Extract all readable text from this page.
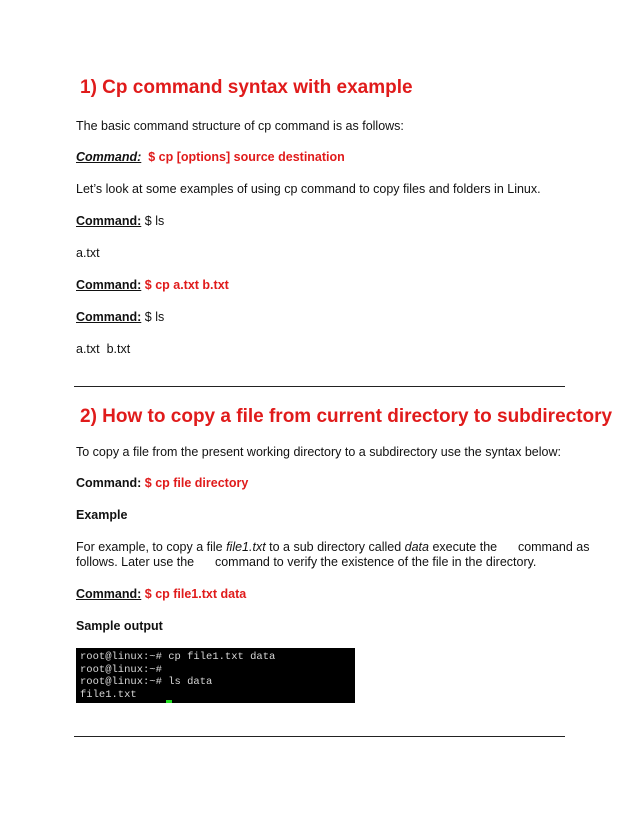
1) Cp command syntax with example
The basic command structure of cp command is as follows:
Command: $ cp [options] source destination
Let’s look at some examples of using cp command to copy files and folders in Linux.
Command: $ ls
a.txt
Command: $ cp a.txt b.txt
Command: $ ls
a.txt  b.txt
2) How to copy a file from current directory to subdirectory
To copy a file from the present working directory to a subdirectory use the syntax below:
Command: $ cp file directory
Example
For example, to copy a file file1.txt to a sub directory called data execute the      command as
follows. Later use the      command to verify the existence of the file in the directory.
Command: $ cp file1.txt data
Sample output
root@linux:~# cp file1.txt data
root@linux:~#
root@linux:~# ls data
file1.txt
